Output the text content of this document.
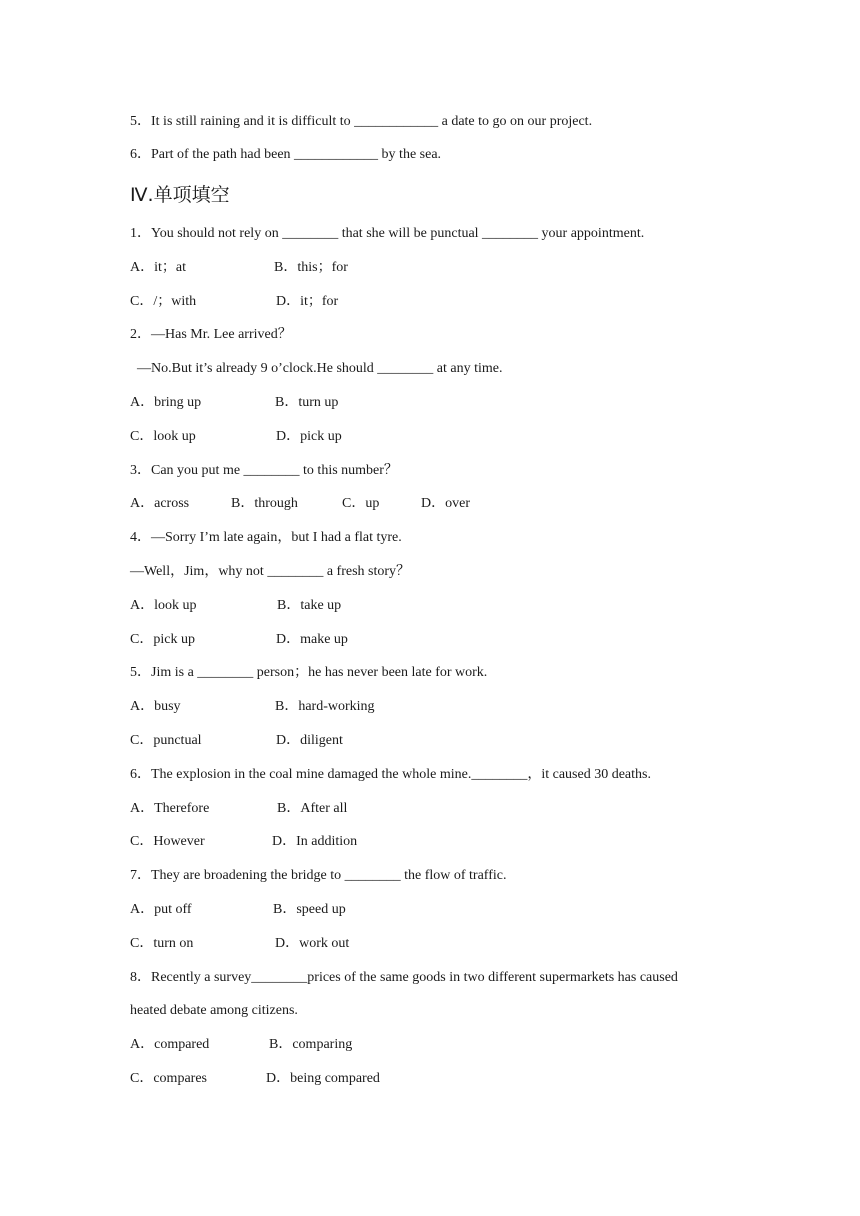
5．It is still raining and it is difficult to ____________ a date to go on our project.
6．Part of the path had been ____________ by the sea.
Ⅳ.单项填空
1．You should not rely on ________ that she will be punctual ________ your appointment.
A．it；at	B．this；for
C．/；with	D．it；for
2．—Has Mr. Lee arrived？
—No.But it’s already 9 o’clock.He should ________ at any time.
A．bring up	B．turn up
C．look up	D．pick up
3．Can you put me ________ to this number？
A．across	B．through	C．up	D．over
4．—Sorry I’m late again，but I had a flat tyre.
—Well，Jim，why not ________ a fresh story？
A．look up	B．take up
C．pick up	D．make up
5．Jim is a ________ person；he has never been late for work.
A．busy	B．hard-working
C．punctual	D．diligent
6．The explosion in the coal mine damaged the whole mine.________，it caused 30 deaths.
A．Therefore	B．After all
C．However	D．In addition
7．They are broadening the bridge to ________ the flow of traffic.
A．put off	B．speed up
C．turn on	D．work out
8．Recently a survey________prices of the same goods in two different supermarkets has caused
heated debate among citizens.
A．compared	B．comparing
C．compares	D．being compared
